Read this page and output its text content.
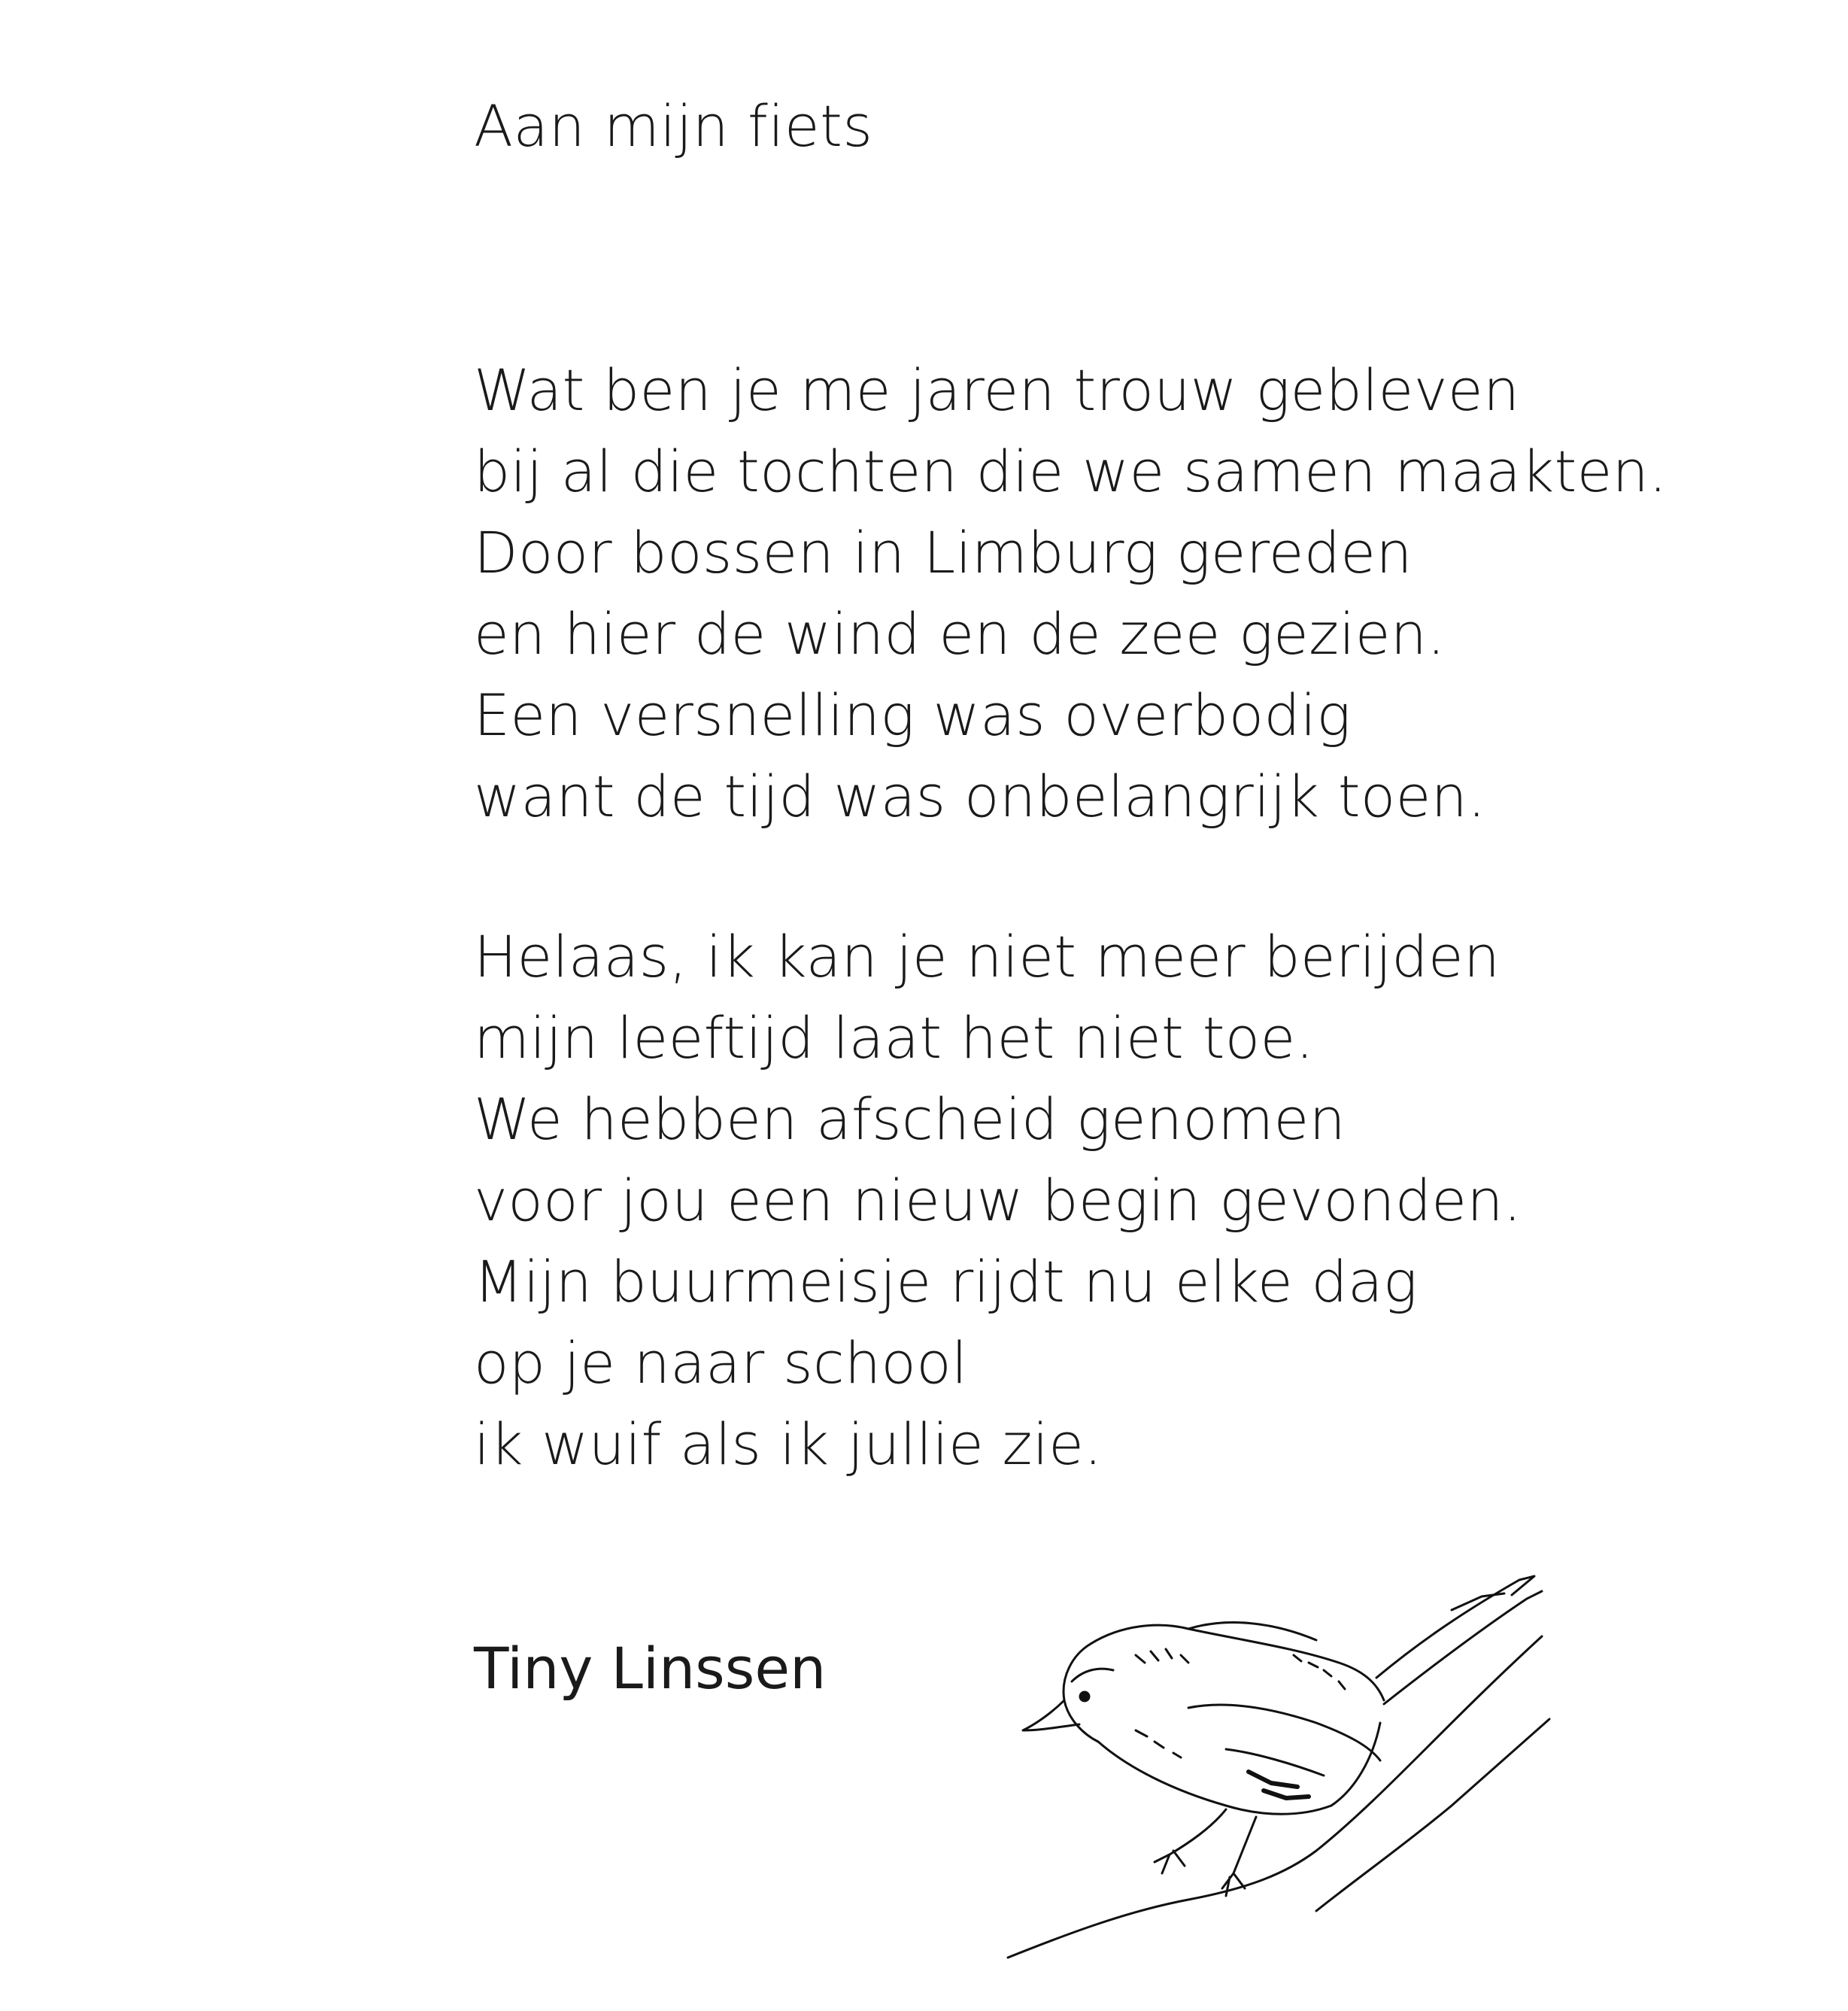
Aan mijn fiets
Wat ben je me jaren trouw gebleven
bij al die tochten die we samen maakten.
Door bossen in Limburg gereden
en hier de wind en de zee gezien.
Een versnelling was overbodig
want de tijd was onbelangrijk toen.
Helaas, ik kan je niet meer berijden
mijn leeftijd laat het niet toe.
We hebben afscheid genomen
voor jou een nieuw begin gevonden.
Mijn buurmeisje rijdt nu elke dag
op je naar school
ik wuif als ik jullie zie.

Tiny Linssen
